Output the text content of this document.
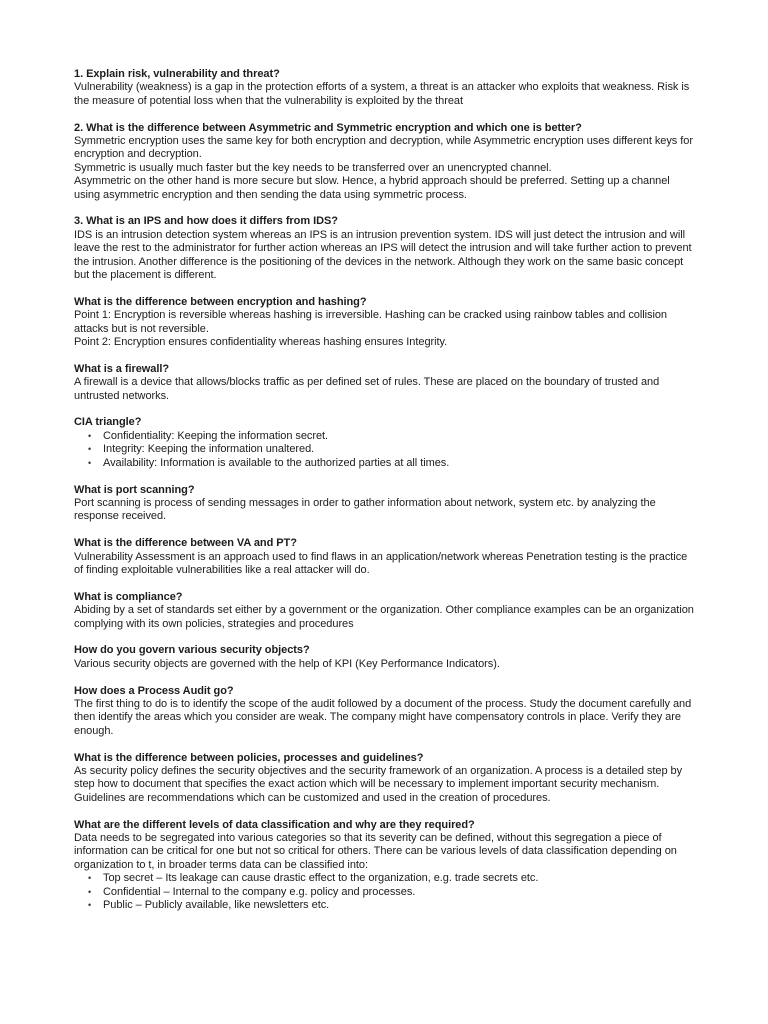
1. Explain risk, vulnerability and threat?
Vulnerability (weakness) is a gap in the protection efforts of a system, a threat is an attacker who exploits that weakness. Risk is the measure of potential loss when that the vulnerability is exploited by the threat
2. What is the difference between Asymmetric and Symmetric encryption and which one is better?
Symmetric encryption uses the same key for both encryption and decryption, while Asymmetric encryption uses different keys for encryption and decryption.
Symmetric is usually much faster but the key needs to be transferred over an unencrypted channel.
Asymmetric on the other hand is more secure but slow. Hence, a hybrid approach should be preferred. Setting up a channel using asymmetric encryption and then sending the data using symmetric process.
3. What is an IPS and how does it differs from IDS?
IDS is an intrusion detection system whereas an IPS is an intrusion prevention system. IDS will just detect the intrusion and will leave the rest to the administrator for further action whereas an IPS will detect the intrusion and will take further action to prevent the intrusion. Another difference is the positioning of the devices in the network. Although they work on the same basic concept but the placement is different.
What is the difference between encryption and hashing?
Point 1: Encryption is reversible whereas hashing is irreversible. Hashing can be cracked using rainbow tables and collision attacks but is not reversible.
Point 2: Encryption ensures confidentiality whereas hashing ensures Integrity.
What is a firewall?
A firewall is a device that allows/blocks traffic as per defined set of rules. These are placed on the boundary of trusted and untrusted networks.
CIA triangle?
• Confidentiality: Keeping the information secret.
• Integrity: Keeping the information unaltered.
• Availability: Information is available to the authorized parties at all times.
What is port scanning?
Port scanning is process of sending messages in order to gather information about network, system etc. by analyzing the response received.
What is the difference between VA and PT?
Vulnerability Assessment is an approach used to find flaws in an application/network whereas Penetration testing is the practice of finding exploitable vulnerabilities like a real attacker will do.
What is compliance?
Abiding by a set of standards set either by a government or the organization. Other compliance examples can be an organization complying with its own policies, strategies and procedures
How do you govern various security objects?
Various security objects are governed with the help of KPI (Key Performance Indicators).
How does a Process Audit go?
The first thing to do is to identify the scope of the audit followed by a document of the process. Study the document carefully and then identify the areas which you consider are weak. The company might have compensatory controls in place. Verify they are enough.
What is the difference between policies, processes and guidelines?
As security policy defines the security objectives and the security framework of an organization. A process is a detailed step by step how to document that specifies the exact action which will be necessary to implement important security mechanism. Guidelines are recommendations which can be customized and used in the creation of procedures.
What are the different levels of data classification and why are they required?
Data needs to be segregated into various categories so that its severity can be defined, without this segregation a piece of information can be critical for one but not so critical for others. There can be various levels of data classification depending on organization to t, in broader terms data can be classified into:
• Top secret – Its leakage can cause drastic effect to the organization, e.g. trade secrets etc.
• Confidential – Internal to the company e.g. policy and processes.
• Public – Publicly available, like newsletters etc.
